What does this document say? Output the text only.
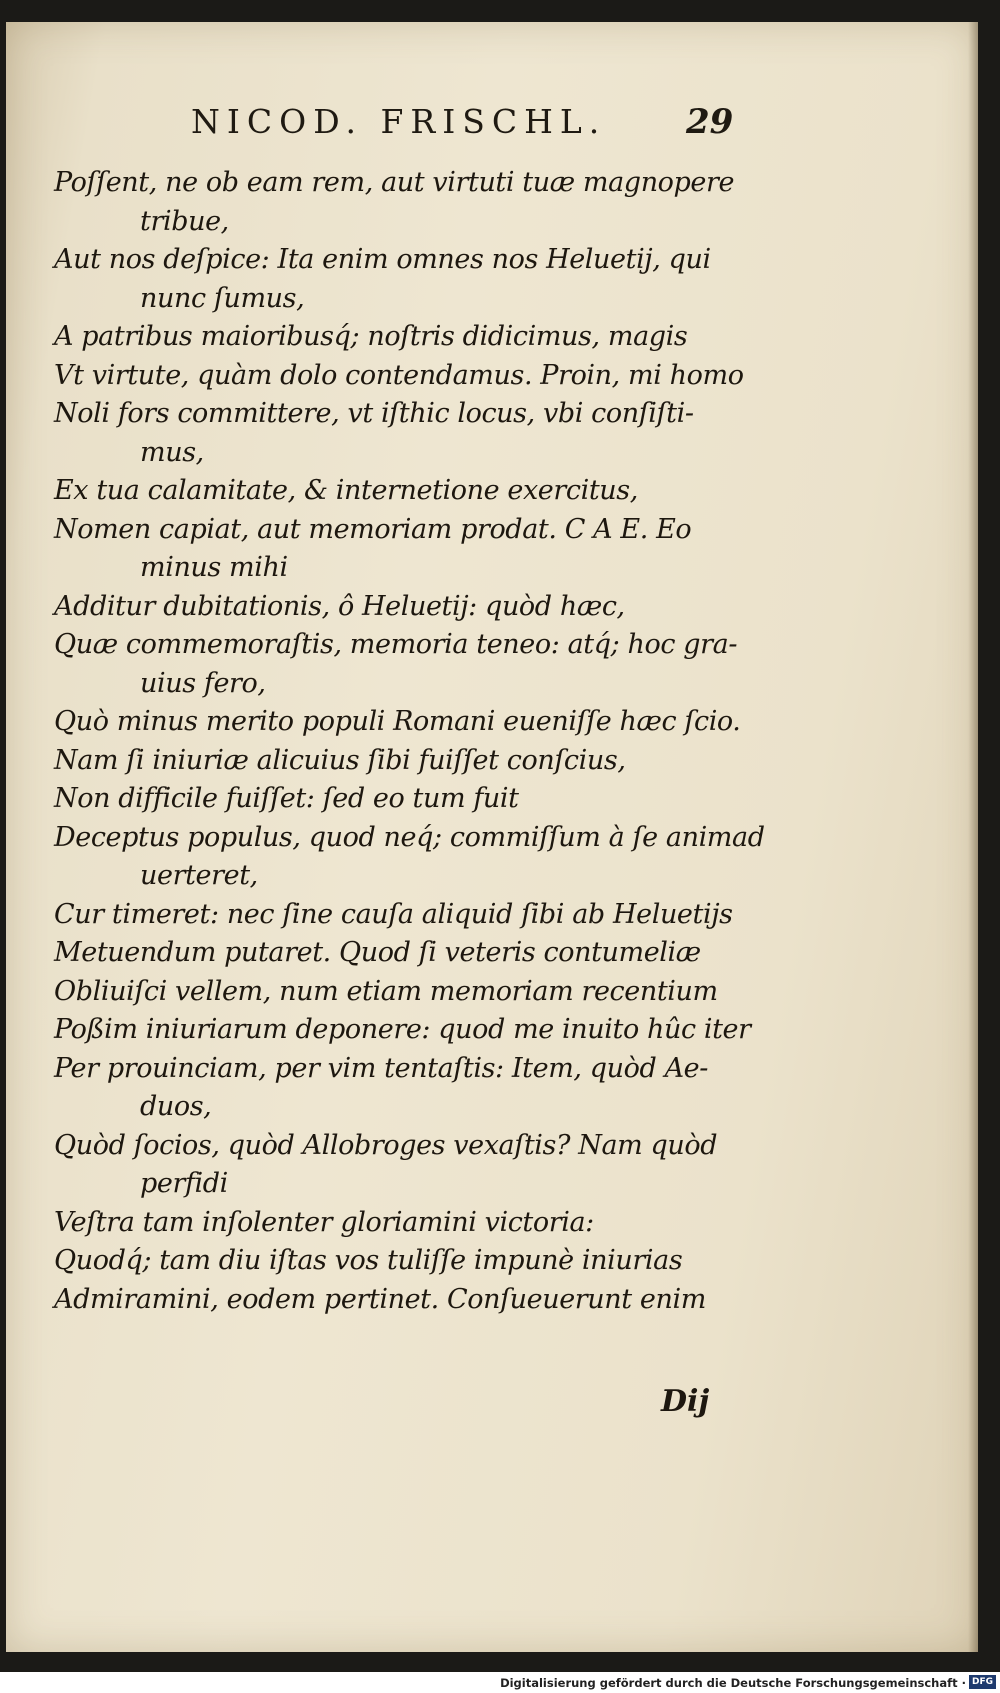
NICOD. FRISCHL. 29
Poſſent, ne ob eam rem, aut virtuti tuæ magnopere
tribue,
Aut nos deſpice: Ita enim omnes nos Heluetij, qui
nunc ſumus,
A patribus maioribusq́; noſtris didicimus, magis
Vt virtute, quàm dolo contendamus. Proin, mi homo
Noli fors committere, vt iſthic locus, vbi conſiſti-
mus,
Ex tua calamitate, & internetione exercitus,
Nomen capiat, aut memoriam prodat. C A E. Eo
minus mihi
Additur dubitationis, ô Heluetij: quòd hæc,
Quæ commemoraſtis, memoria teneo: atq́; hoc gra-
uius fero,
Quò minus merito populi Romani eueniſſe hæc ſcio.
Nam ſi iniuriæ alicuius ſibi fuiſſet conſcius,
Non difficile fuiſſet: ſed eo tum fuit
Deceptus populus, quod neq́; commiſſum à ſe animad
uerteret,
Cur timeret: nec ſine cauſa aliquid ſibi ab Heluetijs
Metuendum putaret. Quod ſi veteris contumeliæ
Obliuiſci vellem, num etiam memoriam recentium
Poßim iniuriarum deponere: quod me inuito hûc iter
Per prouinciam, per vim tentaſtis: Item, quòd Ae-
duos,
Quòd ſocios, quòd Allobroges vexaſtis? Nam quòd
perfidi
Veſtra tam inſolenter gloriamini victoria:
Quodq́; tam diu iſtas vos tuliſſe impunè iniurias
Admiramini, eodem pertinet. Conſueuerunt enim
Dij
Digitalisierung gefördert durch die Deutsche Forschungsgemeinschaft · DFG
